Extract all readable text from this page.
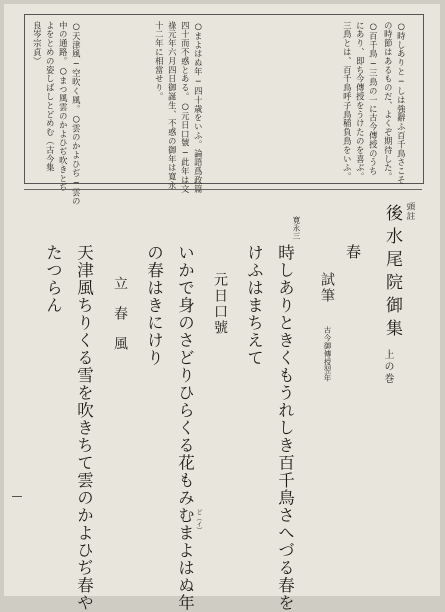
○時しありと─しは強辭ふ百千鳥さこそ
の時節はあるものだ、よくぞ期待した。
○百千鳥─三鳥の一に古今傳授のうち
にあり、即ち今傳授をうけたのを喜ぶ。
三鳥とは、百千鳥呼子鳥稲負鳥をいふ。
○まよはぬ年─四十歳をいふ。論語爲政篇
四十而不惑とある。○元日口號─此年は文
祿元年六月四日御誕生、不惑の御年は寛永
十二年に相當せり。
○天津風─空吹く風。○雲のかよひぢ─雲の
中の通路。○まつ風雲のかよひぢ吹きとぢ
よをとめの姿しばしとどめむ（古今集
良岑宗貞）
頭註
後水尾院御集
上の巻
春
試筆
古今御傳授翌年
寛永三
時しありときくもうれしき百千鳥さへづる春を
けふはまちえて
元日口號
いかで身のさどりひらくる花もみむまよはぬ年 ど（イ）
の春はきにけり
立春風
天津風ちりくる雪を吹きちて雲のかよひぢ春や
たつらん
